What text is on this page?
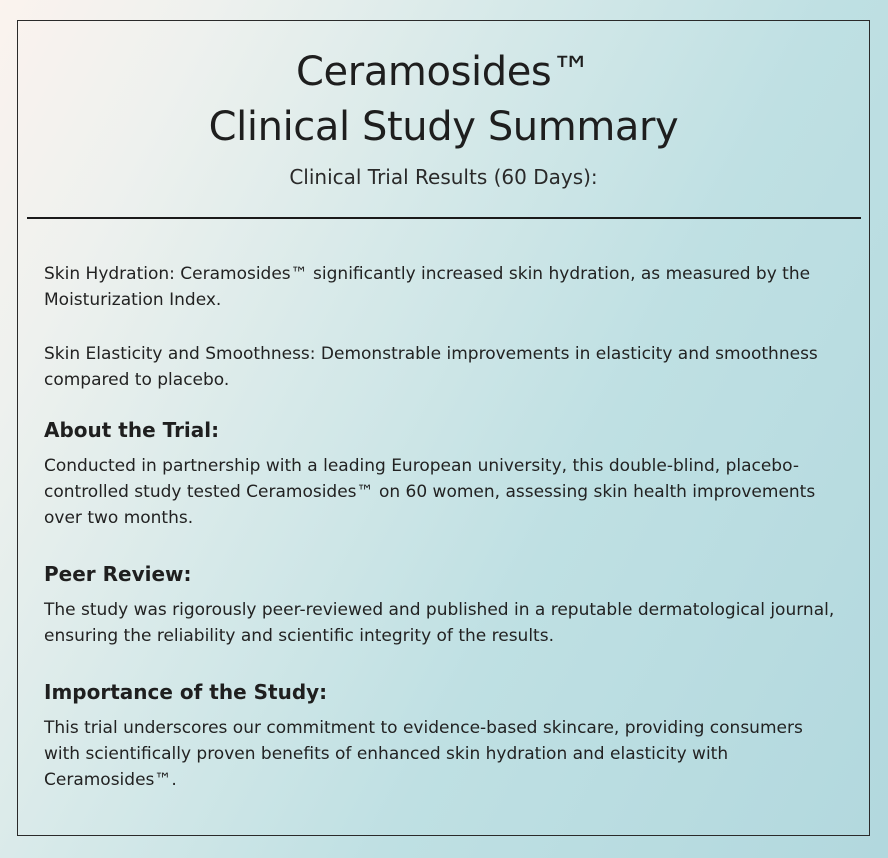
Ceramosides™
Clinical Study Summary

Clinical Trial Results (60 Days):

Skin Hydration: Ceramosides™ significantly increased skin hydration, as measured by the Moisturization Index.

Skin Elasticity and Smoothness: Demonstrable improvements in elasticity and smoothness compared to placebo.

About the Trial:

Conducted in partnership with a leading European university, this double-blind, placebo-controlled study tested Ceramosides™ on 60 women, assessing skin health improvements over two months.

Peer Review:

The study was rigorously peer-reviewed and published in a reputable dermatological journal, ensuring the reliability and scientific integrity of the results.

Importance of the Study:

This trial underscores our commitment to evidence-based skincare, providing consumers with scientifically proven benefits of enhanced skin hydration and elasticity with Ceramosides™.
